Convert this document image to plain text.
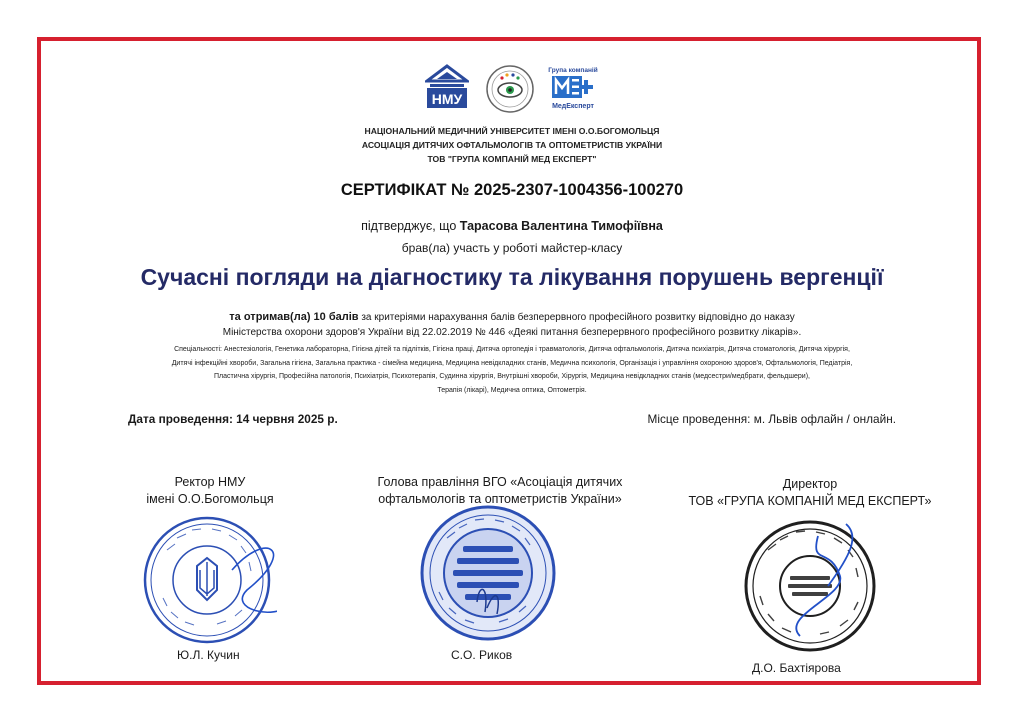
НМУ
Група компаній
МедЕксперт
НАЦІОНАЛЬНИЙ МЕДИЧНИЙ УНІВЕРСИТЕТ ІМЕНІ О.О.БОГОМОЛЬЦЯ
АСОЦІАЦІЯ ДИТЯЧИХ ОФТАЛЬМОЛОГІВ ТА ОПТОМЕТРИСТІВ УКРАЇНИ
ТОВ "ГРУПА КОМПАНІЙ МЕД ЕКСПЕРТ"
СЕРТИФІКАТ № 2025-2307-1004356-100270
підтверджує, що Тарасова Валентина Тимофіївна
брав(ла) участь у роботі майстер-класу
Сучасні погляди на діагностику та лікування порушень вергенції
та отримав(ла) 10 балів за критеріями нарахування балів безперервного професійного розвитку відповідно до наказу
Міністерства охорони здоров'я України від 22.02.2019 № 446 «Деякі питання безперервного професійного розвитку лікарів».
Спеціальності: Анестезіологія, Генетика лабораторна, Гігієна дітей та підлітків, Гігієна праці, Дитяча ортопедія і травматологія, Дитяча офтальмологія, Дитяча психіатрія, Дитяча стоматологія, Дитяча хірургія,
Дитячі інфекційні хвороби, Загальна гігієна, Загальна практика - сімейна медицина, Медицина невідкладних станів, Медична психологія, Організація і управління охороною здоров'я, Офтальмологія, Педіатрія,
Пластична хірургія, Професійна патологія, Психіатрія, Психотерапія, Судинна хірургія, Внутрішні хвороби, Хірургія, Медицина невідкладних станів (медсестри/медбрати, фельдшери),
Терапія (лікарі), Медична оптика, Оптометрія.
Дата проведення: 14 червня 2025 р.	Місце проведення: м. Львів офлайн / онлайн.
Ректор НМУ
імені О.О.Богомольця
Голова правління ВГО «Асоціація дитячих
офтальмологів та оптометристів України»
Директор
ТОВ «ГРУПА КОМПАНІЙ МЕД ЕКСПЕРТ»
Ю.Л. Кучин	С.О. Риков
Д.О. Бахтіярова
